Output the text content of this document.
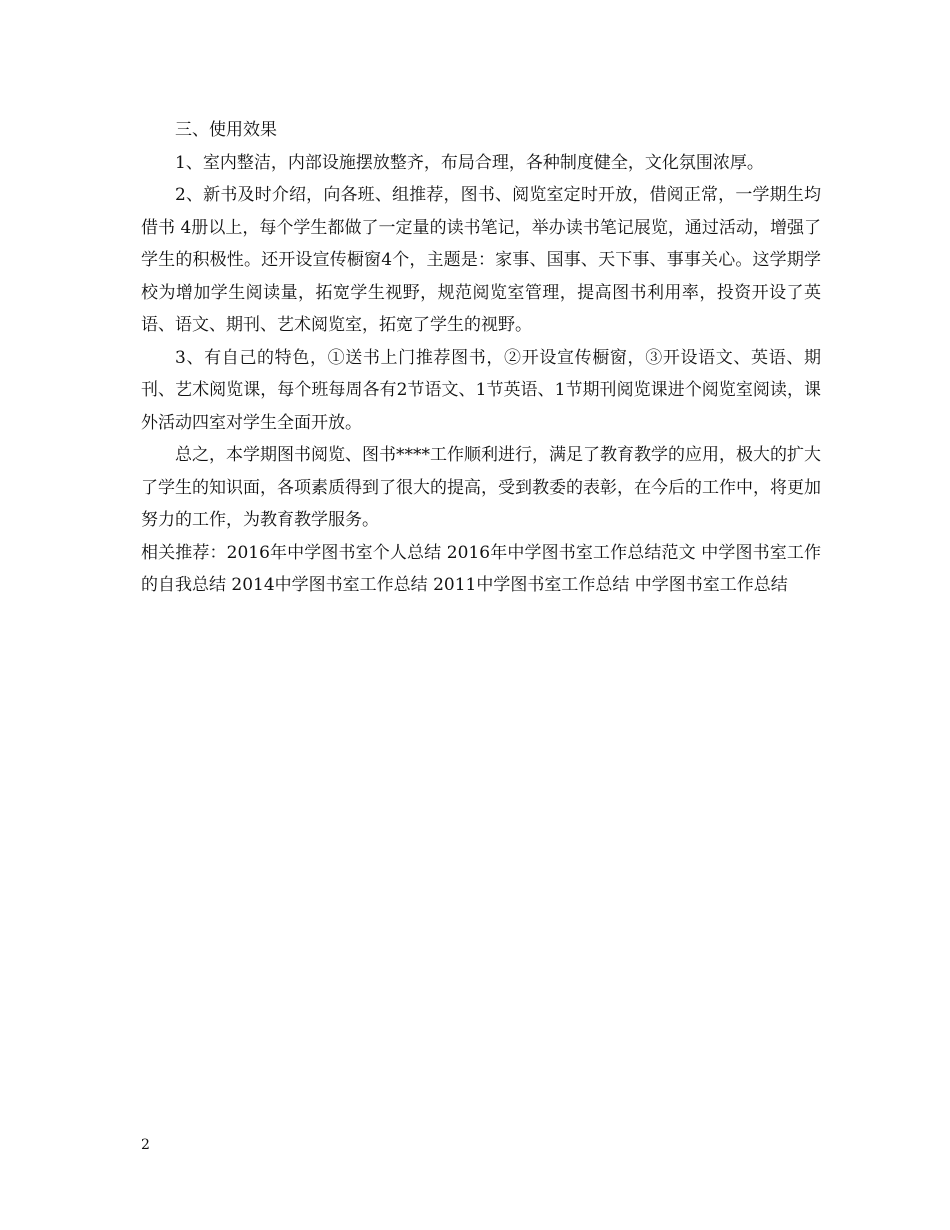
三、使用效果

1、室内整洁，内部设施摆放整齐，布局合理，各种制度健全，文化氛围浓厚。

2、新书及时介绍，向各班、组推荐，图书、阅览室定时开放，借阅正常，一学期生均借书 4册以上，每个学生都做了一定量的读书笔记，举办读书笔记展览，通过活动，增强了学生的积极性。还开设宣传橱窗4个，主题是：家事、国事、天下事、事事关心。这学期学校为增加学生阅读量，拓宽学生视野，规范阅览室管理，提高图书利用率，投资开设了英语、语文、期刊、艺术阅览室，拓宽了学生的视野。

3、有自己的特色，①送书上门推荐图书，②开设宣传橱窗，③开设语文、英语、期刊、艺术阅览课，每个班每周各有2节语文、1节英语、1节期刊阅览课进个阅览室阅读，课外活动四室对学生全面开放。

总之，本学期图书阅览、图书****工作顺利进行，满足了教育教学的应用，极大的扩大了学生的知识面，各项素质得到了很大的提高，受到教委的表彰，在今后的工作中，将更加努力的工作，为教育教学服务。

相关推荐：2016年中学图书室个人总结 2016年中学图书室工作总结范文 中学图书室工作的自我总结 2014中学图书室工作总结 2011中学图书室工作总结 中学图书室工作总结

2
